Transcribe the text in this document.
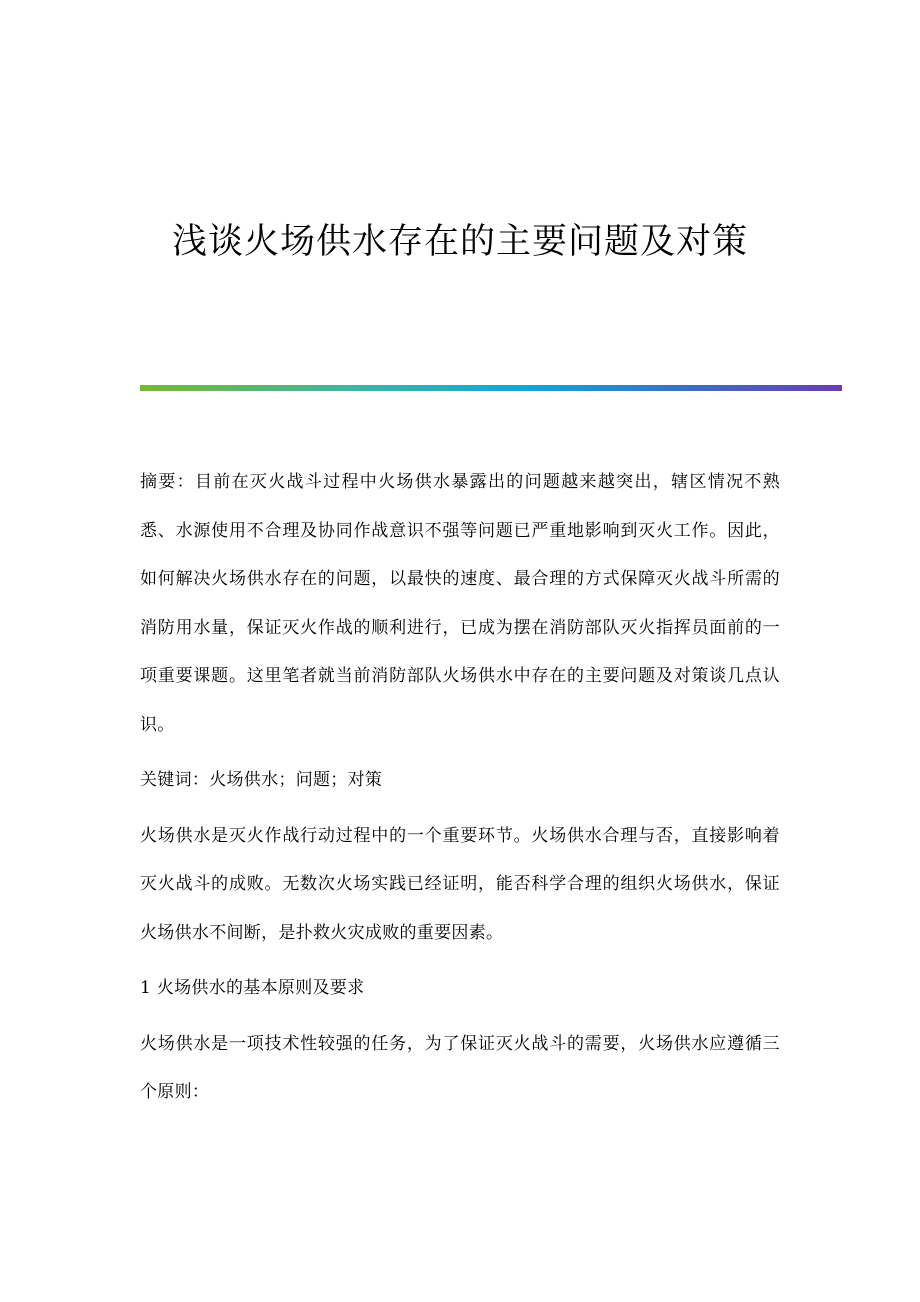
浅谈火场供水存在的主要问题及对策

摘要：目前在灭火战斗过程中火场供水暴露出的问题越来越突出，辖区情况不熟悉、水源使用不合理及协同作战意识不强等问题已严重地影响到灭火工作。因此，如何解决火场供水存在的问题，以最快的速度、最合理的方式保障灭火战斗所需的消防用水量，保证灭火作战的顺利进行，已成为摆在消防部队灭火指挥员面前的一项重要课题。这里笔者就当前消防部队火场供水中存在的主要问题及对策谈几点认识。

关键词：火场供水；问题；对策

火场供水是灭火作战行动过程中的一个重要环节。火场供水合理与否，直接影响着灭火战斗的成败。无数次火场实践已经证明，能否科学合理的组织火场供水，保证火场供水不间断，是扑救火灾成败的重要因素。

1 火场供水的基本原则及要求

火场供水是一项技术性较强的任务，为了保证灭火战斗的需要，火场供水应遵循三个原则：
